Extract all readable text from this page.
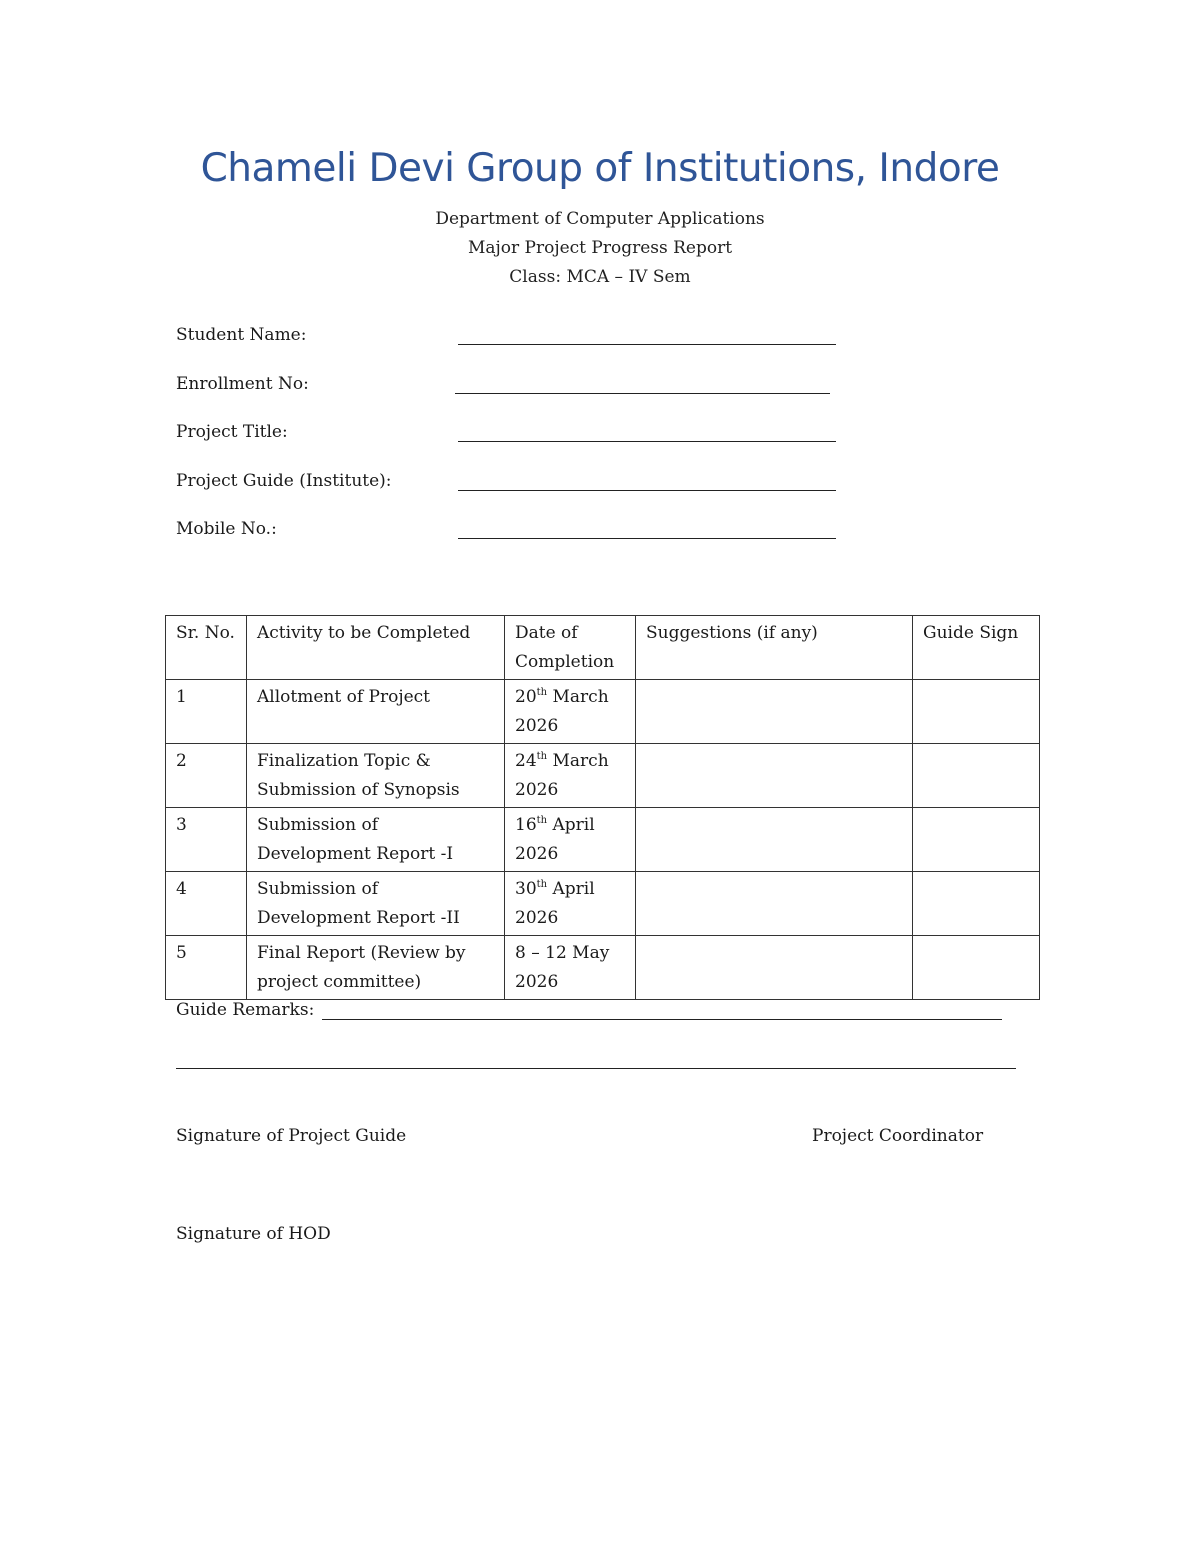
Chameli Devi Group of Institutions, Indore
Department of Computer Applications
Major Project Progress Report
Class: MCA – IV Sem
Student Name:
Enrollment No:
Project Title:
Project Guide (Institute):
Mobile No.:
Sr. No.	Activity to be Completed	Date of Completion	Suggestions (if any)	Guide Sign
1	Allotment of Project	20th March 2026		
2	Finalization Topic & Submission of Synopsis	24th March 2026		
3	Submission of Development Report -I	16th April 2026		
4	Submission of Development Report -II	30th April 2026		
5	Final Report (Review by project committee)	8 – 12 May 2026		
Guide Remarks:
Signature of Project Guide	Project Coordinator
Signature of HOD
